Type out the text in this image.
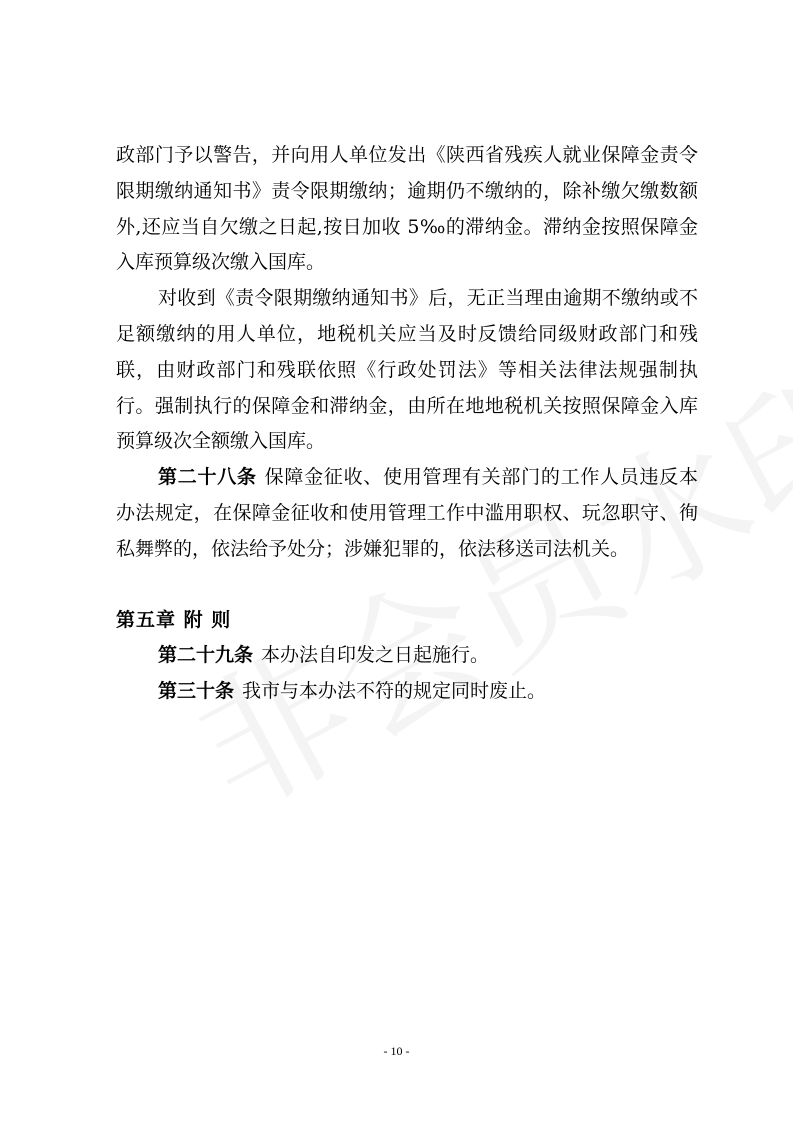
政部门予以警告，并向用人单位发出《陕西省残疾人就业保障金责令限期缴纳通知书》责令限期缴纳；逾期仍不缴纳的，除补缴欠缴数额外,还应当自欠缴之日起,按日加收 5‰的滞纳金。滞纳金按照保障金入库预算级次缴入国库。

对收到《责令限期缴纳通知书》后，无正当理由逾期不缴纳或不足额缴纳的用人单位，地税机关应当及时反馈给同级财政部门和残联，由财政部门和残联依照《行政处罚法》等相关法律法规强制执行。强制执行的保障金和滞纳金，由所在地地税机关按照保障金入库预算级次全额缴入国库。

第二十八条 保障金征收、使用管理有关部门的工作人员违反本办法规定，在保障金征收和使用管理工作中滥用职权、玩忽职守、徇私舞弊的，依法给予处分；涉嫌犯罪的，依法移送司法机关。

第五章 附 则

第二十九条 本办法自印发之日起施行。

第三十条 我市与本办法不符的规定同时废止。

- 10 -
